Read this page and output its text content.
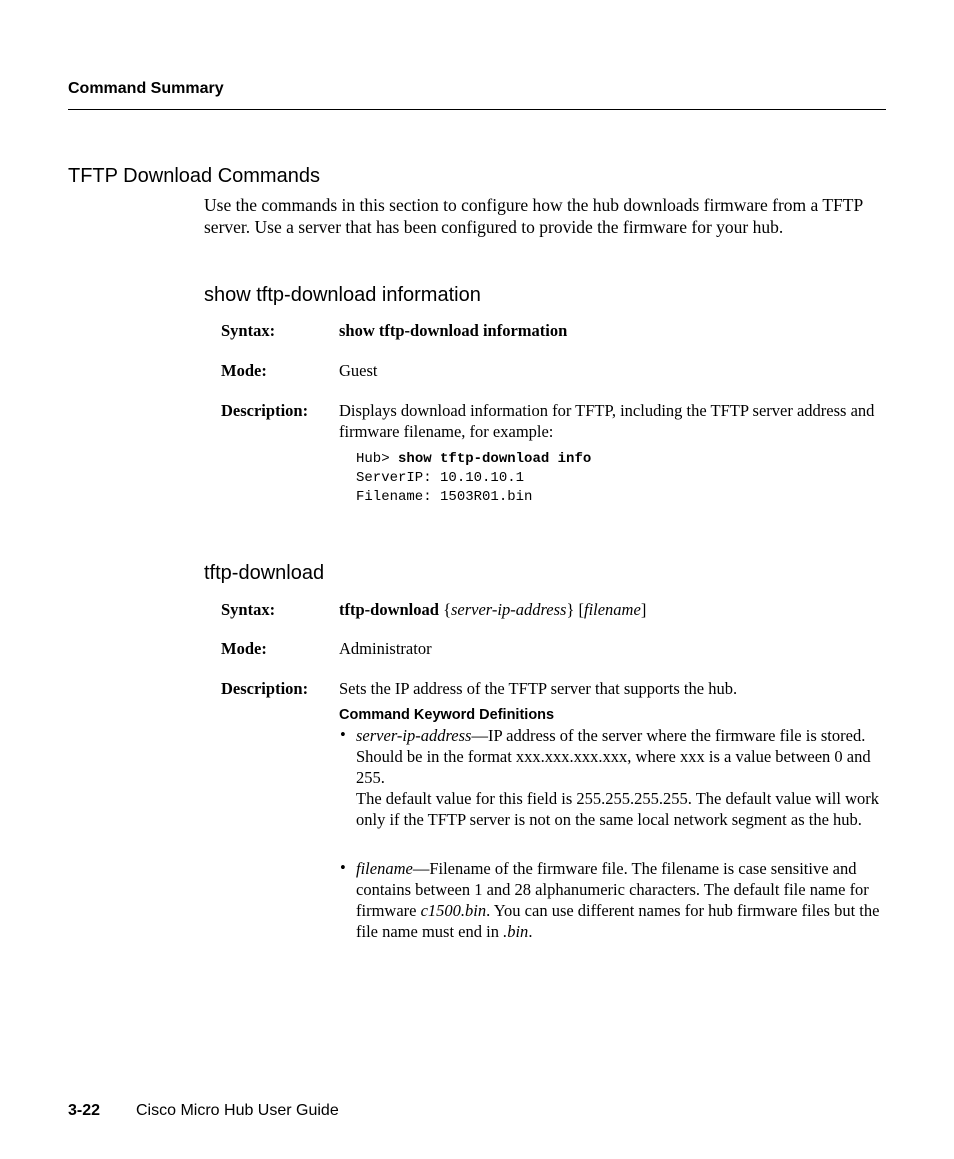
Command Summary
TFTP Download Commands
Use the commands in this section to configure how the hub downloads firmware from a TFTP server. Use a server that has been configured to provide the firmware for your hub.
show tftp-download information
Syntax:	show tftp-download information
Mode:	Guest
Description: Displays download information for TFTP, including the TFTP server address and firmware filename, for example:
Hub> show tftp-download info
ServerIP: 10.10.10.1
Filename: 1503R01.bin
tftp-download
Syntax:	tftp-download {server-ip-address} [filename]
Mode:	Administrator
Description: Sets the IP address of the TFTP server that supports the hub.
Command Keyword Definitions
• server-ip-address—IP address of the server where the firmware file is stored. Should be in the format xxx.xxx.xxx.xxx, where xxx is a value between 0 and 255.

The default value for this field is 255.255.255.255. The default value will work only if the TFTP server is not on the same local network segment as the hub.

• filename—Filename of the firmware file. The filename is case sensitive and contains between 1 and 28 alphanumeric characters. The default file name for firmware c1500.bin. You can use different names for hub firmware files but the file name must end in .bin.

3-22 Cisco Micro Hub User Guide
